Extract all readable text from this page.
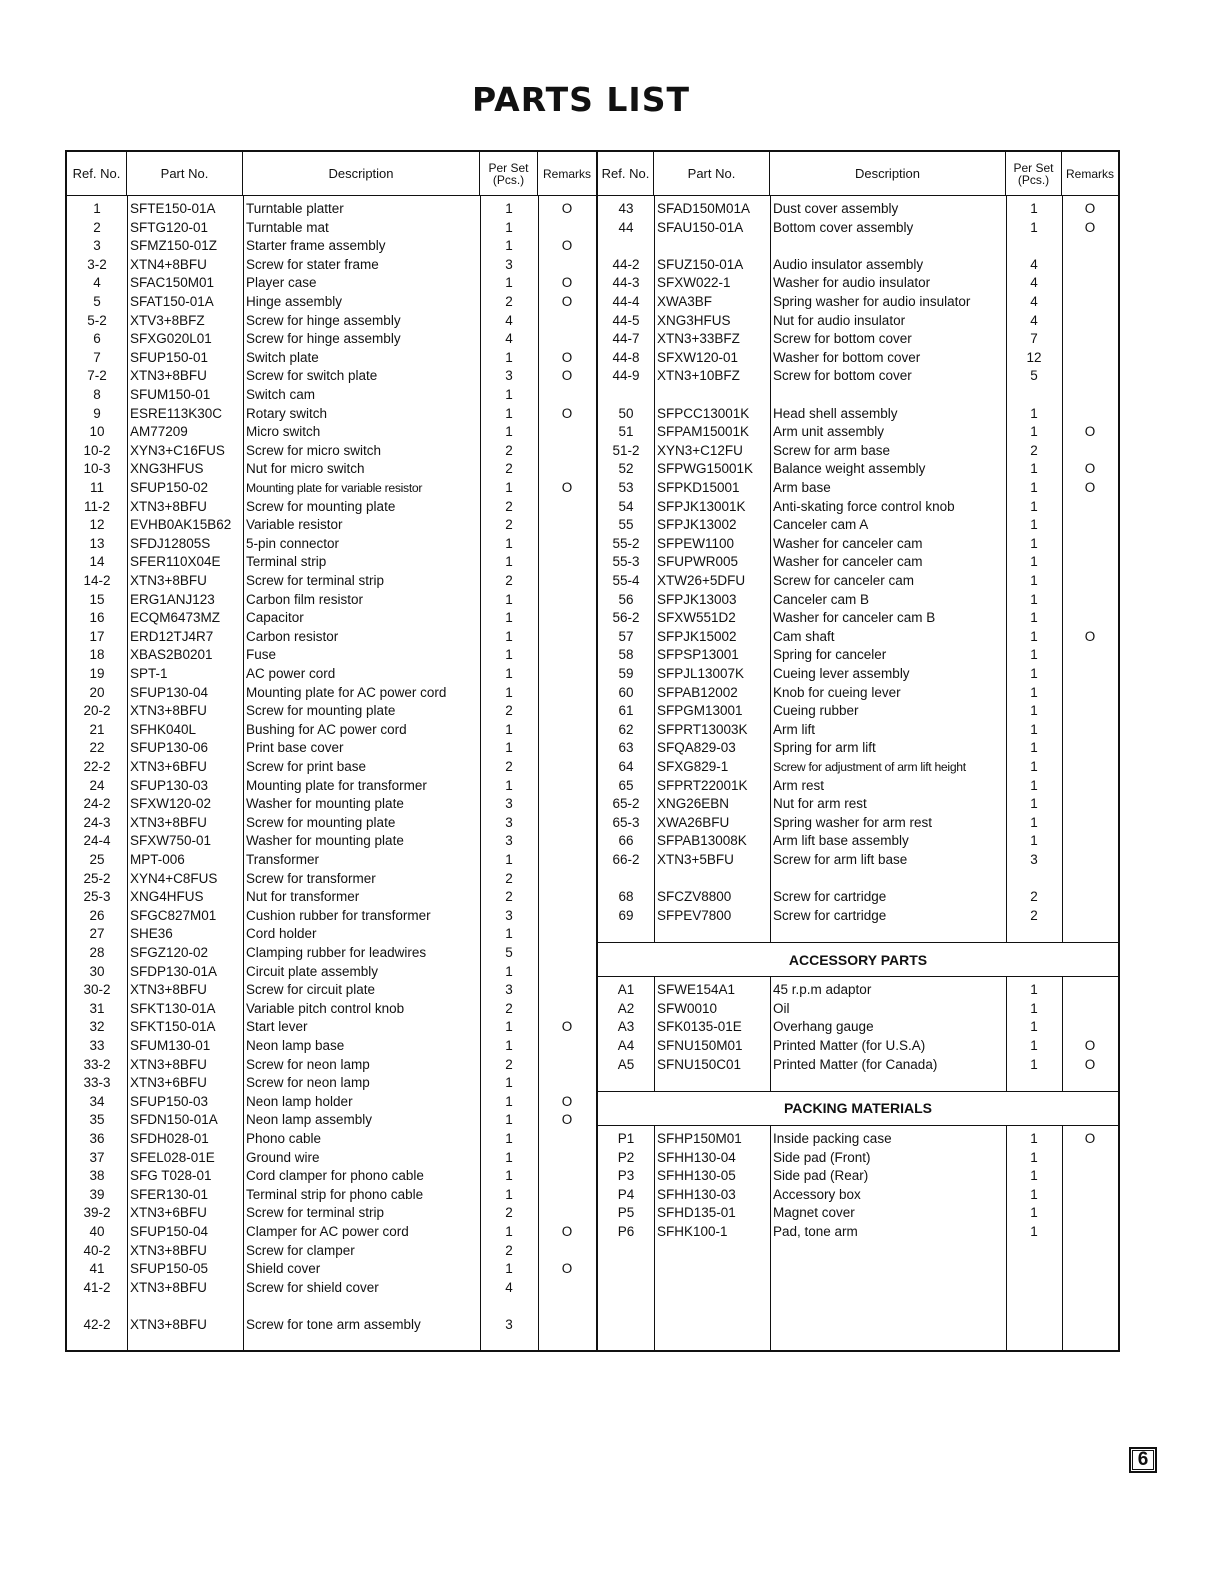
PARTS LIST
Ref. No.	Part No.	Description	Per Set
(Pcs.)	Remarks
1	SFTE150-01A	Turntable platter	1	O
2	SFTG120-01	Turntable mat	1
3	SFMZ150-01Z	Starter frame assembly	1	O
3-2	XTN4+8BFU	Screw for stater frame	3
4	SFAC150M01	Player case	1	O
5	SFAT150-01A	Hinge assembly	2	O
5-2	XTV3+8BFZ	Screw for hinge assembly	4
6	SFXG020L01	Screw for hinge assembly	4
7	SFUP150-01	Switch plate	1	O
7-2	XTN3+8BFU	Screw for switch plate	3	O
8	SFUM150-01	Switch cam	1
9	ESRE113K30C	Rotary switch	1	O
10	AM77209	Micro switch	1
10-2	XYN3+C16FUS	Screw for micro switch	2
10-3	XNG3HFUS	Nut for micro switch	2
11	SFUP150-02	Mounting plate for variable resistor	1	O
11-2	XTN3+8BFU	Screw for mounting plate	2
12	EVHB0AK15B62	Variable resistor	2
13	SFDJ12805S	5-pin connector	1
14	SFER110X04E	Terminal strip	1
14-2	XTN3+8BFU	Screw for terminal strip	2
15	ERG1ANJ123	Carbon film resistor	1
16	ECQM6473MZ	Capacitor	1
17	ERD12TJ4R7	Carbon resistor	1
18	XBAS2B0201	Fuse	1
19	SPT-1	AC power cord	1
20	SFUP130-04	Mounting plate for AC power cord	1
20-2	XTN3+8BFU	Screw for mounting plate	2
21	SFHK040L	Bushing for AC power cord	1
22	SFUP130-06	Print base cover	1
22-2	XTN3+6BFU	Screw for print base	2
24	SFUP130-03	Mounting plate for transformer	1
24-2	SFXW120-02	Washer for mounting plate	3
24-3	XTN3+8BFU	Screw for mounting plate	3
24-4	SFXW750-01	Washer for mounting plate	3
25	MPT-006	Transformer	1
25-2	XYN4+C8FUS	Screw for transformer	2
25-3	XNG4HFUS	Nut for transformer	2
26	SFGC827M01	Cushion rubber for transformer	3
27	SHE36	Cord holder	1
28	SFGZ120-02	Clamping rubber for leadwires	5
30	SFDP130-01A	Circuit plate assembly	1
30-2	XTN3+8BFU	Screw for circuit plate	3
31	SFKT130-01A	Variable pitch control knob	2
32	SFKT150-01A	Start lever	1	O
33	SFUM130-01	Neon lamp base	1
33-2	XTN3+8BFU	Screw for neon lamp	2
33-3	XTN3+6BFU	Screw for neon lamp	1
34	SFUP150-03	Neon lamp holder	1	O
35	SFDN150-01A	Neon lamp assembly	1	O
36	SFDH028-01	Phono cable	1
37	SFEL028-01E	Ground wire	1
38	SFG T028-01	Cord clamper for phono cable	1
39	SFER130-01	Terminal strip for phono cable	1
39-2	XTN3+6BFU	Screw for terminal strip	2
40	SFUP150-04	Clamper for AC power cord	1	O
40-2	XTN3+8BFU	Screw for clamper	2
41	SFUP150-05	Shield cover	1	O
41-2	XTN3+8BFU	Screw for shield cover	4
42-2	XTN3+8BFU	Screw for tone arm assembly	3
Ref. No.	Part No.	Description	Per Set
(Pcs.)	Remarks
43	SFAD150M01A	Dust cover assembly	1	O
44	SFAU150-01A	Bottom cover assembly	1	O
44-2	SFUZ150-01A	Audio insulator assembly	4
44-3	SFXW022-1	Washer for audio insulator	4
44-4	XWA3BF	Spring washer for audio insulator	4
44-5	XNG3HFUS	Nut for audio insulator	4
44-7	XTN3+33BFZ	Screw for bottom cover	7
44-8	SFXW120-01	Washer for bottom cover	12
44-9	XTN3+10BFZ	Screw for bottom cover	5
50	SFPCC13001K	Head shell assembly	1
51	SFPAM15001K	Arm unit assembly	1	O
51-2	XYN3+C12FU	Screw for arm base	2
52	SFPWG15001K	Balance weight assembly	1	O
53	SFPKD15001	Arm base	1	O
54	SFPJK13001K	Anti-skating force control knob	1
55	SFPJK13002	Canceler cam A	1
55-2	SFPEW1100	Washer for canceler cam	1
55-3	SFUPWR005	Washer for canceler cam	1
55-4	XTW26+5DFU	Screw for canceler cam	1
56	SFPJK13003	Canceler cam B	1
56-2	SFXW551D2	Washer for canceler cam B	1
57	SFPJK15002	Cam shaft	1	O
58	SFPSP13001	Spring for canceler	1
59	SFPJL13007K	Cueing lever assembly	1
60	SFPAB12002	Knob for cueing lever	1
61	SFPGM13001	Cueing rubber	1
62	SFPRT13003K	Arm lift	1
63	SFQA829-03	Spring for arm lift	1
64	SFXG829-1	Screw for adjustment of arm lift height	1
65	SFPRT22001K	Arm rest	1
65-2	XNG26EBN	Nut for arm rest	1
65-3	XWA26BFU	Spring washer for arm rest	1
66	SFPAB13008K	Arm lift base assembly	1
66-2	XTN3+5BFU	Screw for arm lift base	3
68	SFCZV8800	Screw for cartridge	2
69	SFPEV7800	Screw for cartridge	2
A1	SFWE154A1	45 r.p.m adaptor	1
A2	SFW0010	Oil	1
A3	SFK0135-01E	Overhang gauge	1
A4	SFNU150M01	Printed Matter (for U.S.A)	1	O
A5	SFNU150C01	Printed Matter (for Canada)	1	O
P1	SFHP150M01	Inside packing case	1	O
P2	SFHH130-04	Side pad (Front)	1
P3	SFHH130-05	Side pad (Rear)	1
P4	SFHH130-03	Accessory box	1
P5	SFHD135-01	Magnet cover	1
P6	SFHK100-1	Pad, tone arm	1
ACCESSORY PARTS
PACKING MATERIALS
6
